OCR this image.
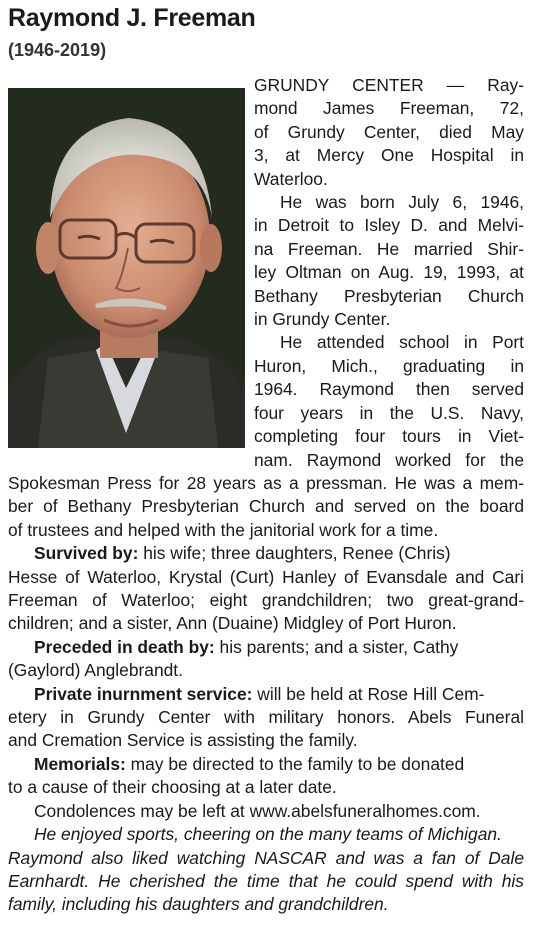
Raymond J. Freeman
(1946-2019)
GRUNDY CENTER — Ray-
mond James Freeman, 72,
of Grundy Center, died May
3, at Mercy One Hospital in
Waterloo.
He was born July 6, 1946,
in Detroit to Isley D. and Melvi-
na Freeman. He married Shir-
ley Oltman on Aug. 19, 1993, at
Bethany Presbyterian Church
in Grundy Center.
He attended school in Port
Huron, Mich., graduating in
1964. Raymond then served
four years in the U.S. Navy,
completing four tours in Viet-
nam. Raymond worked for the
Spokesman Press for 28 years as a pressman. He was a mem-
ber of Bethany Presbyterian Church and served on the board
of trustees and helped with the janitorial work for a time.
Survived by: his wife; three daughters, Renee (Chris)
Hesse of Waterloo, Krystal (Curt) Hanley of Evansdale and Cari
Freeman of Waterloo; eight grandchildren; two great-grand-
children; and a sister, Ann (Duaine) Midgley of Port Huron.
Preceded in death by: his parents; and a sister, Cathy
(Gaylord) Anglebrandt.
Private inurnment service: will be held at Rose Hill Cem-
etery in Grundy Center with military honors. Abels Funeral
and Cremation Service is assisting the family.
Memorials: may be directed to the family to be donated
to a cause of their choosing at a later date.
Condolences may be left at www.abelsfuneralhomes.com.
He enjoyed sports, cheering on the many teams of Michigan.
Raymond also liked watching NASCAR and was a fan of Dale
Earnhardt. He cherished the time that he could spend with his
family, including his daughters and grandchildren.
